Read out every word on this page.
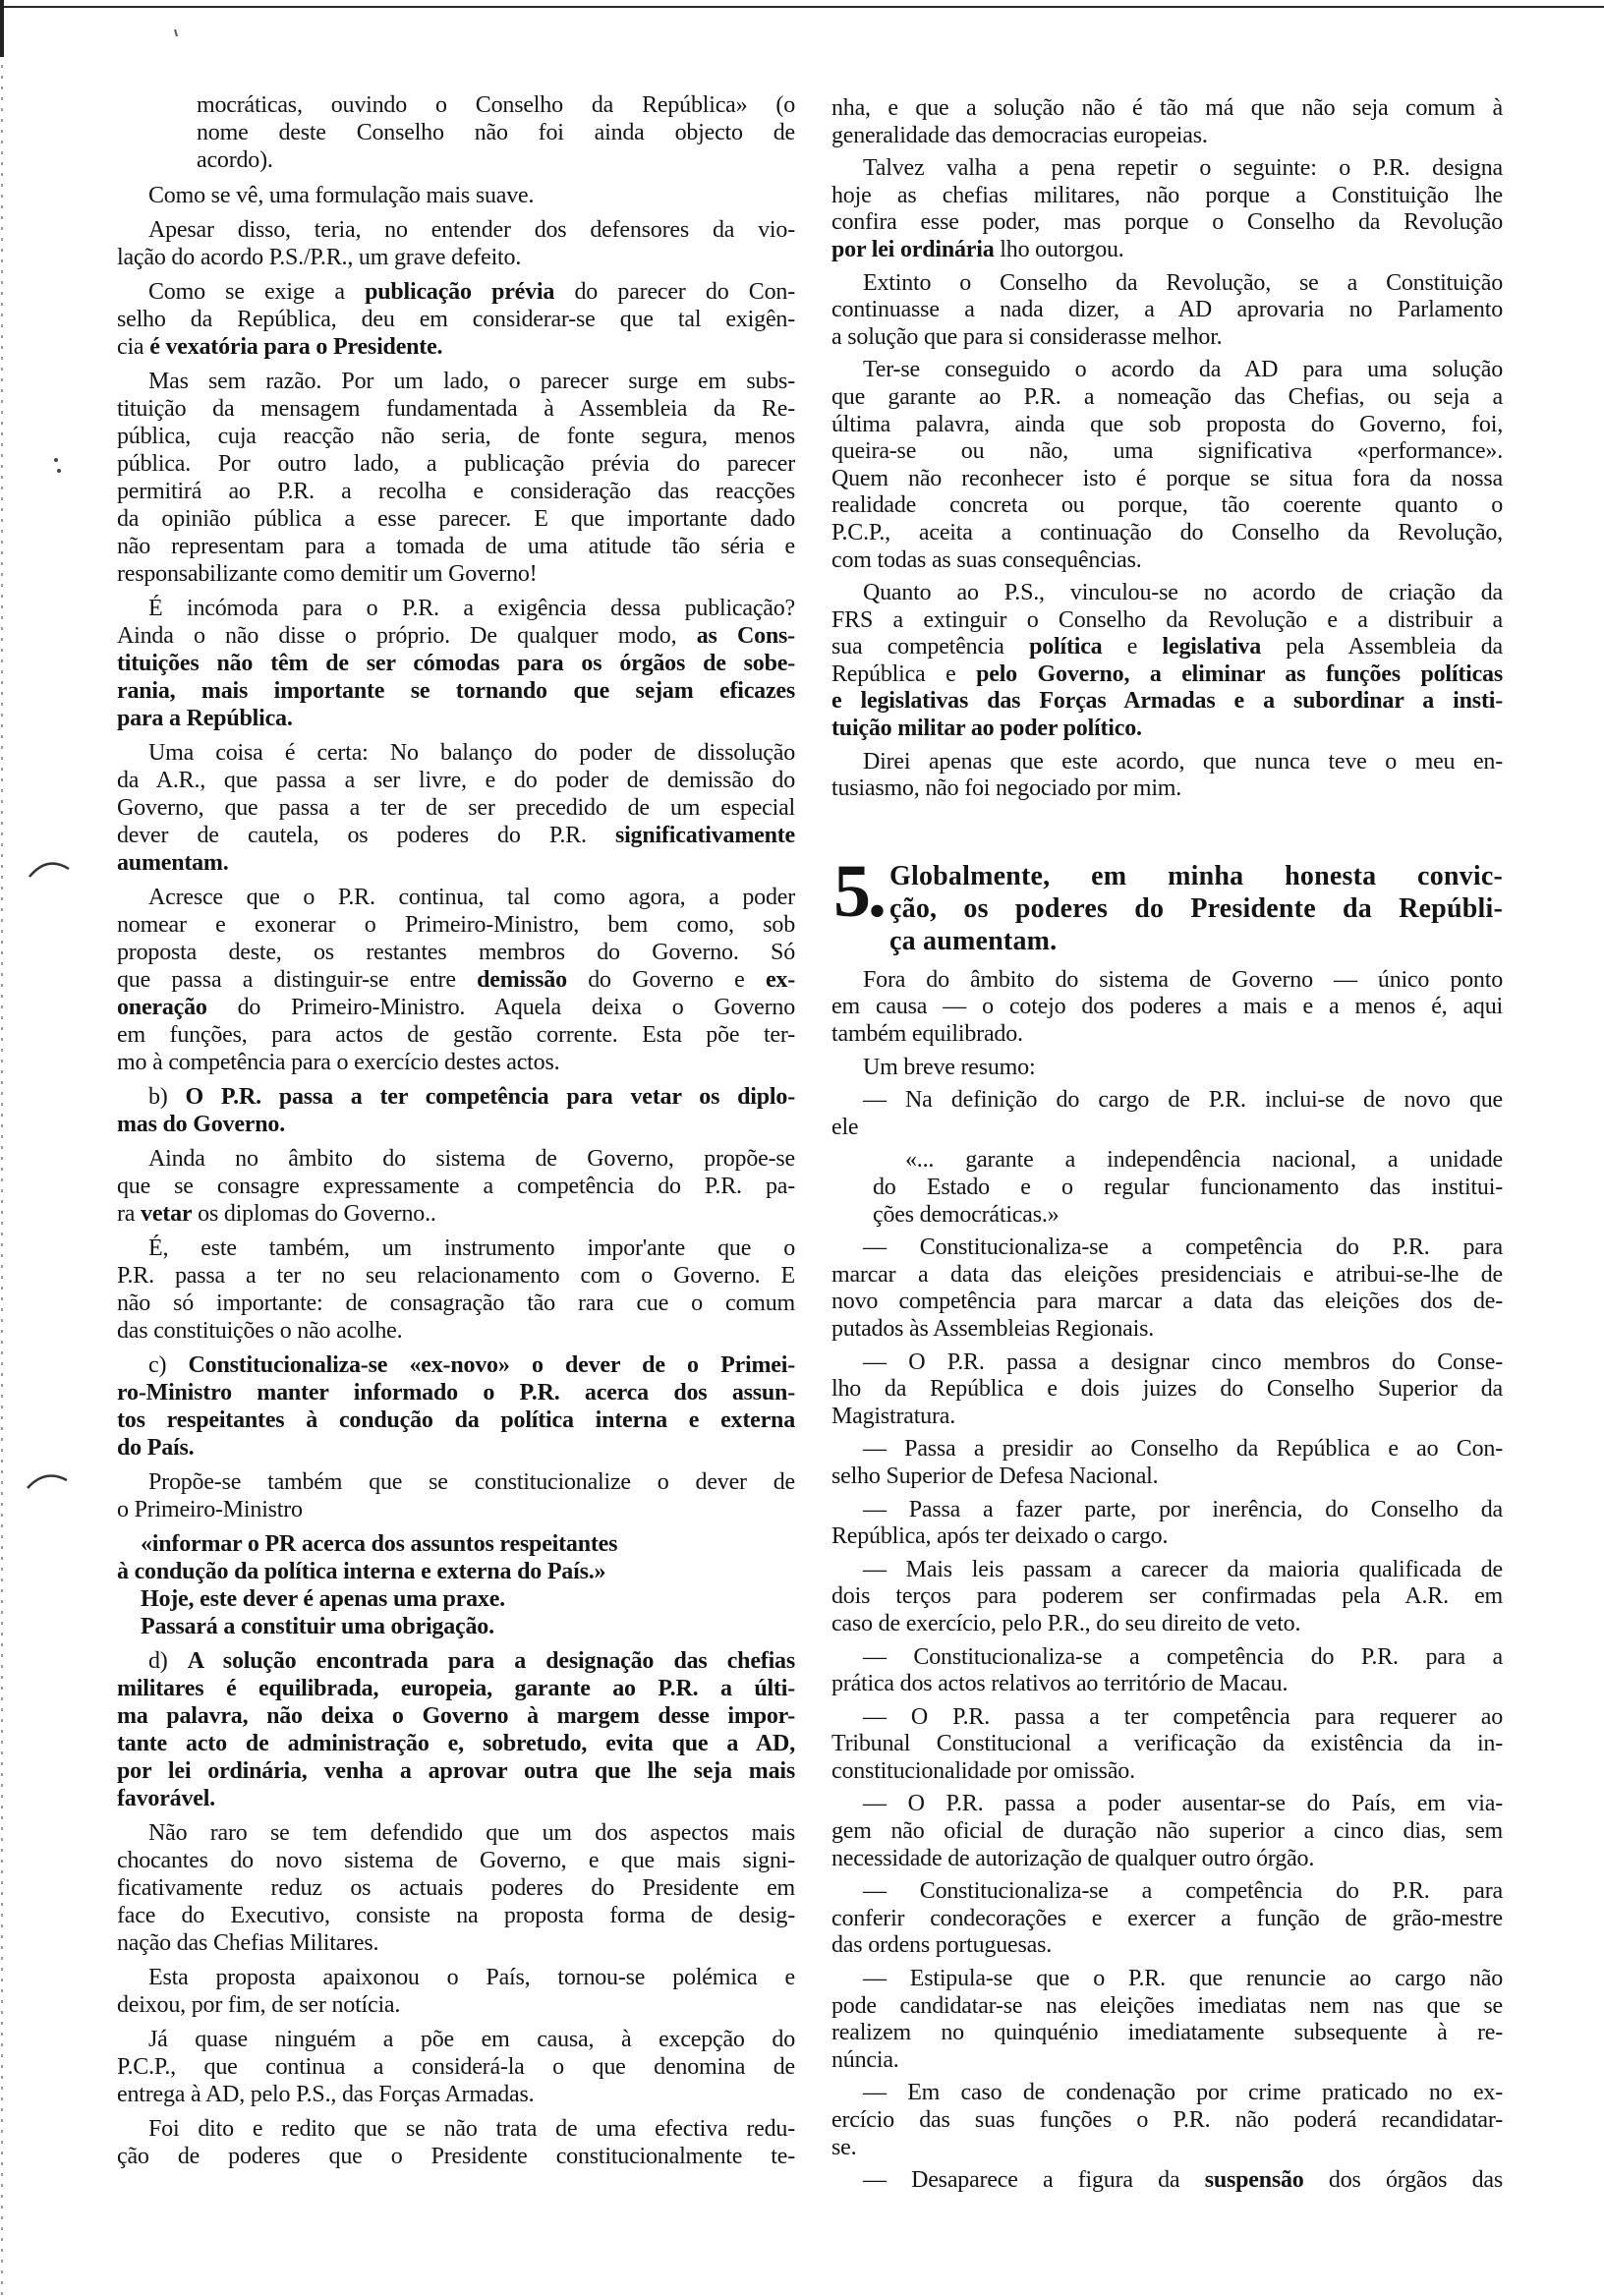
mocráticas, ouvindo o Conselho da República» (o
nome deste Conselho não foi ainda objecto de
acordo).
Como se vê, uma formulação mais suave.
Apesar disso, teria, no entender dos defensores da vio-
lação do acordo P.S./P.R., um grave defeito.
Como se exige a publicação prévia do parecer do Con-
selho da República, deu em considerar-se que tal exigên-
cia é vexatória para o Presidente.
Mas sem razão. Por um lado, o parecer surge em subs-
tituição da mensagem fundamentada à Assembleia da Re-
pública, cuja reacção não seria, de fonte segura, menos
pública. Por outro lado, a publicação prévia do parecer
permitirá ao P.R. a recolha e consideração das reacções
da opinião pública a esse parecer. E que importante dado
não representam para a tomada de uma atitude tão séria e
responsabilizante como demitir um Governo!
É incómoda para o P.R. a exigência dessa publicação?
Ainda o não disse o próprio. De qualquer modo, as Cons-
tituições não têm de ser cómodas para os órgãos de sobe-
rania, mais importante se tornando que sejam eficazes
para a República.
Uma coisa é certa: No balanço do poder de dissolução
da A.R., que passa a ser livre, e do poder de demissão do
Governo, que passa a ter de ser precedido de um especial
dever de cautela, os poderes do P.R. significativamente
aumentam.
Acresce que o P.R. continua, tal como agora, a poder
nomear e exonerar o Primeiro-Ministro, bem como, sob
proposta deste, os restantes membros do Governo. Só
que passa a distinguir-se entre demissão do Governo e ex-
oneração do Primeiro-Ministro. Aquela deixa o Governo
em funções, para actos de gestão corrente. Esta põe ter-
mo à competência para o exercício destes actos.
b) O P.R. passa a ter competência para vetar os diplo-
mas do Governo.
Ainda no âmbito do sistema de Governo, propõe-se
que se consagre expressamente a competência do P.R. pa-
ra vetar os diplomas do Governo..
É, este também, um instrumento impor'ante que o
P.R. passa a ter no seu relacionamento com o Governo. E
não só importante: de consagração tão rara cue o comum
das constituições o não acolhe.
c) Constitucionaliza-se «ex-novo» o dever de o Primei-
ro-Ministro manter informado o P.R. acerca dos assun-
tos respeitantes à condução da política interna e externa
do País.
Propõe-se também que se constitucionalize o dever de
o Primeiro-Ministro
«informar o PR acerca dos assuntos respeitantes
à condução da política interna e externa do País.»
Hoje, este dever é apenas uma praxe.
Passará a constituir uma obrigação.
d) A solução encontrada para a designação das chefias
militares é equilibrada, europeia, garante ao P.R. a últi-
ma palavra, não deixa o Governo à margem desse impor-
tante acto de administração e, sobretudo, evita que a AD,
por lei ordinária, venha a aprovar outra que lhe seja mais
favorável.
Não raro se tem defendido que um dos aspectos mais
chocantes do novo sistema de Governo, e que mais signi-
ficativamente reduz os actuais poderes do Presidente em
face do Executivo, consiste na proposta forma de desig-
nação das Chefias Militares.
Esta proposta apaixonou o País, tornou-se polémica e
deixou, por fim, de ser notícia.
Já quase ninguém a põe em causa, à excepção do
P.C.P., que continua a considerá-la o que denomina de
entrega à AD, pelo P.S., das Forças Armadas.
Foi dito e redito que se não trata de uma efectiva redu-
ção de poderes que o Presidente constitucionalmente te-
nha, e que a solução não é tão má que não seja comum à
generalidade das democracias europeias.
Talvez valha a pena repetir o seguinte: o P.R. designa
hoje as chefias militares, não porque a Constituição lhe
confira esse poder, mas porque o Conselho da Revolução
por lei ordinária lho outorgou.
Extinto o Conselho da Revolução, se a Constituição
continuasse a nada dizer, a AD aprovaria no Parlamento
a solução que para si considerasse melhor.
Ter-se conseguido o acordo da AD para uma solução
que garante ao P.R. a nomeação das Chefias, ou seja a
última palavra, ainda que sob proposta do Governo, foi,
queira-se ou não, uma significativa «performance».
Quem não reconhecer isto é porque se situa fora da nossa
realidade concreta ou porque, tão coerente quanto o
P.C.P., aceita a continuação do Conselho da Revolução,
com todas as suas consequências.
Quanto ao P.S., vinculou-se no acordo de criação da
FRS a extinguir o Conselho da Revolução e a distribuir a
sua competência política e legislativa pela Assembleia da
República e pelo Governo, a eliminar as funções políticas
e legislativas das Forças Armadas e a subordinar a insti-
tuição militar ao poder político.
Direi apenas que este acordo, que nunca teve o meu en-
tusiasmo, não foi negociado por mim.
5. Globalmente, em minha honesta convic-
ção, os poderes do Presidente da Repúbli-
ça aumentam.
Fora do âmbito do sistema de Governo — único ponto
em causa — o cotejo dos poderes a mais e a menos é, aqui
também equilibrado.
Um breve resumo:
— Na definição do cargo de P.R. inclui-se de novo que
ele
«... garante a independência nacional, a unidade
do Estado e o regular funcionamento das institui-
ções democráticas.»
— Constitucionaliza-se a competência do P.R. para
marcar a data das eleições presidenciais e atribui-se-lhe de
novo competência para marcar a data das eleições dos de-
putados às Assembleias Regionais.
— O P.R. passa a designar cinco membros do Conse-
lho da República e dois juizes do Conselho Superior da
Magistratura.
— Passa a presidir ao Conselho da República e ao Con-
selho Superior de Defesa Nacional.
— Passa a fazer parte, por inerência, do Conselho da
República, após ter deixado o cargo.
— Mais leis passam a carecer da maioria qualificada de
dois terços para poderem ser confirmadas pela A.R. em
caso de exercício, pelo P.R., do seu direito de veto.
— Constitucionaliza-se a competência do P.R. para a
prática dos actos relativos ao território de Macau.
— O P.R. passa a ter competência para requerer ao
Tribunal Constitucional a verificação da existência da in-
constitucionalidade por omissão.
— O P.R. passa a poder ausentar-se do País, em via-
gem não oficial de duração não superior a cinco dias, sem
necessidade de autorização de qualquer outro órgão.
— Constitucionaliza-se a competência do P.R. para
conferir condecorações e exercer a função de grão-mestre
das ordens portuguesas.
— Estipula-se que o P.R. que renuncie ao cargo não
pode candidatar-se nas eleições imediatas nem nas que se
realizem no quinquénio imediatamente subsequente à re-
núncia.
— Em caso de condenação por crime praticado no ex-
ercício das suas funções o P.R. não poderá recandidatar-
se.
— Desaparece a figura da suspensão dos órgãos das
